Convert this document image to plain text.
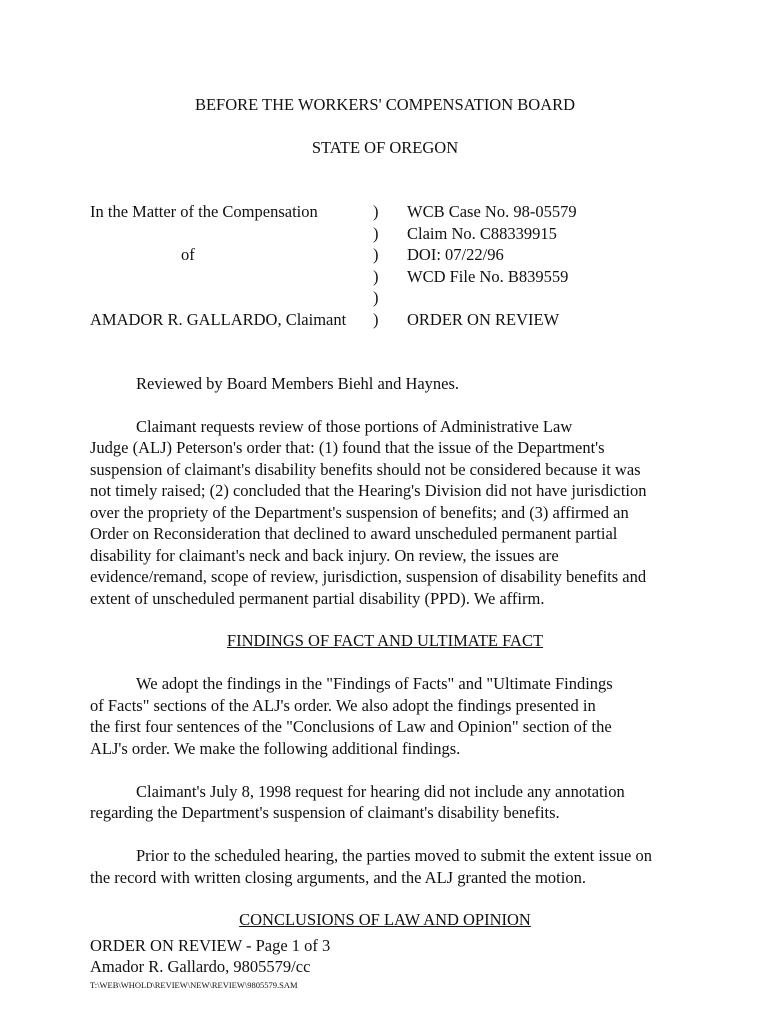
BEFORE THE WORKERS' COMPENSATION BOARD
STATE OF OREGON
In the Matter of the Compensation
of
AMADOR R. GALLARDO, Claimant
)
)
)
)
)
)
WCB Case No. 98-05579
Claim No. C88339915
DOI: 07/22/96
WCD File No. B839559
ORDER ON REVIEW
Reviewed by Board Members Biehl and Haynes.
Claimant requests review of those portions of Administrative Law
Judge (ALJ) Peterson's order that: (1) found that the issue of the Department's
suspension of claimant's disability benefits should not be considered because it was
not timely raised; (2) concluded that the Hearing's Division did not have jurisdiction
over the propriety of the Department's suspension of benefits; and (3) affirmed an
Order on Reconsideration that declined to award unscheduled permanent partial
disability for claimant's neck and back injury. On review, the issues are
evidence/remand, scope of review, jurisdiction, suspension of disability benefits and
extent of unscheduled permanent partial disability (PPD). We affirm.
FINDINGS OF FACT AND ULTIMATE FACT
We adopt the findings in the "Findings of Facts" and "Ultimate Findings
of Facts" sections of the ALJ's order. We also adopt the findings presented in
the first four sentences of the "Conclusions of Law and Opinion" section of the
ALJ's order. We make the following additional findings.
Claimant's July 8, 1998 request for hearing did not include any annotation
regarding the Department's suspension of claimant's disability benefits.
Prior to the scheduled hearing, the parties moved to submit the extent issue on
the record with written closing arguments, and the ALJ granted the motion.
CONCLUSIONS OF LAW AND OPINION
ORDER ON REVIEW - Page 1 of 3
Amador R. Gallardo, 9805579/cc
T:\WEB\WHOLD\REVIEW\NEW\REVIEW\9805579.SAM
